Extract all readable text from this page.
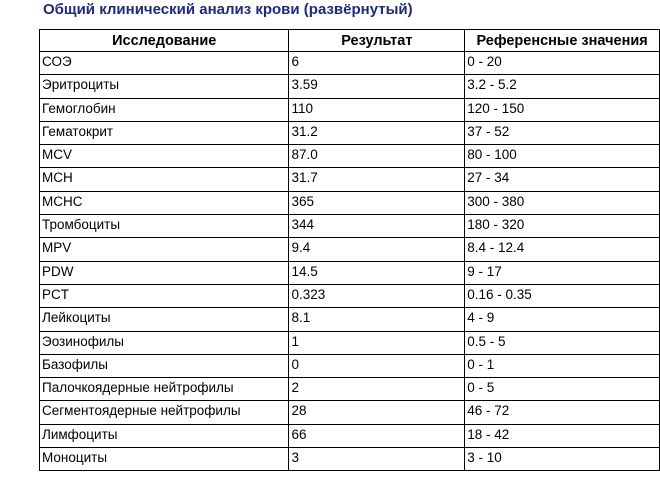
Общий клинический анализ крови (развёрнутый)
Исследование	Результат	Референсные значения
СОЭ	6	0 - 20
Эритроциты	3.59	3.2 - 5.2
Гемоглобин	110	120 - 150
Гематокрит	31.2	37 - 52
MCV	87.0	80 - 100
MCH	31.7	27 - 34
MCHC	365	300 - 380
Тромбоциты	344	180 - 320
MPV	9.4	8.4 - 12.4
PDW	14.5	9 - 17
PCT	0.323	0.16 - 0.35
Лейкоциты	8.1	4 - 9
Эозинофилы	1	0.5 - 5
Базофилы	0	0 - 1
Палочкоядерные нейтрофилы	2	0 - 5
Сегментоядерные нейтрофилы	28	46 - 72
Лимфоциты	66	18 - 42
Моноциты	3	3 - 10
